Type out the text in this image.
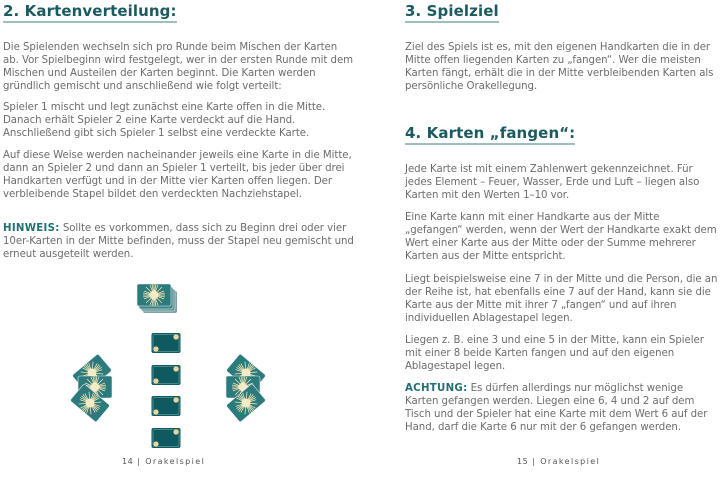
2. Kartenverteilung:

Die Spielenden wechseln sich pro Runde beim Mischen der Karten ab. Vor Spielbeginn wird festgelegt, wer in der ersten Runde mit dem Mischen und Austeilen der Karten beginnt. Die Karten werden gründlich gemischt und anschließend wie folgt verteilt:

Spieler 1 mischt und legt zunächst eine Karte offen in die Mitte. Danach erhält Spieler 2 eine Karte verdeckt auf die Hand. Anschließend gibt sich Spieler 1 selbst eine verdeckte Karte.

Auf diese Weise werden nacheinander jeweils eine Karte in die Mitte, dann an Spieler 2 und dann an Spieler 1 verteilt, bis jeder über drei Handkarten verfügt und in der Mitte vier Karten offen liegen. Der verbleibende Stapel bildet den verdeckten Nachziehstapel.

HINWEIS: Sollte es vorkommen, dass sich zu Beginn drei oder vier 10er-Karten in der Mitte befinden, muss der Stapel neu gemischt und erneut ausgeteilt werden.

14 | Orakelspiel
3. Spielziel

Ziel des Spiels ist es, mit den eigenen Handkarten die in der Mitte offen liegenden Karten zu „fangen“. Wer die meisten Karten fängt, erhält die in der Mitte verbleibenden Karten als persönliche Orakellegung.

4. Karten „fangen“:

Jede Karte ist mit einem Zahlenwert gekennzeichnet. Für jedes Element – Feuer, Wasser, Erde und Luft – liegen also Karten mit den Werten 1–10 vor.

Eine Karte kann mit einer Handkarte aus der Mitte „gefangen“ werden, wenn der Wert der Handkarte exakt dem Wert einer Karte aus der Mitte oder der Summe mehrerer Karten aus der Mitte entspricht.

Liegt beispielsweise eine 7 in der Mitte und die Person, die an der Reihe ist, hat ebenfalls eine 7 auf der Hand, kann sie die Karte aus der Mitte mit ihrer 7 „fangen“ und auf ihren individuellen Ablagestapel legen.

Liegen z. B. eine 3 und eine 5 in der Mitte, kann ein Spieler mit einer 8 beide Karten fangen und auf den eigenen Ablagestapel legen.

ACHTUNG: Es dürfen allerdings nur möglichst wenige Karten gefangen werden. Liegen eine 6, 4 und 2 auf dem Tisch und der Spieler hat eine Karte mit dem Wert 6 auf der Hand, darf die Karte 6 nur mit der 6 gefangen werden.

15 | Orakelspiel
